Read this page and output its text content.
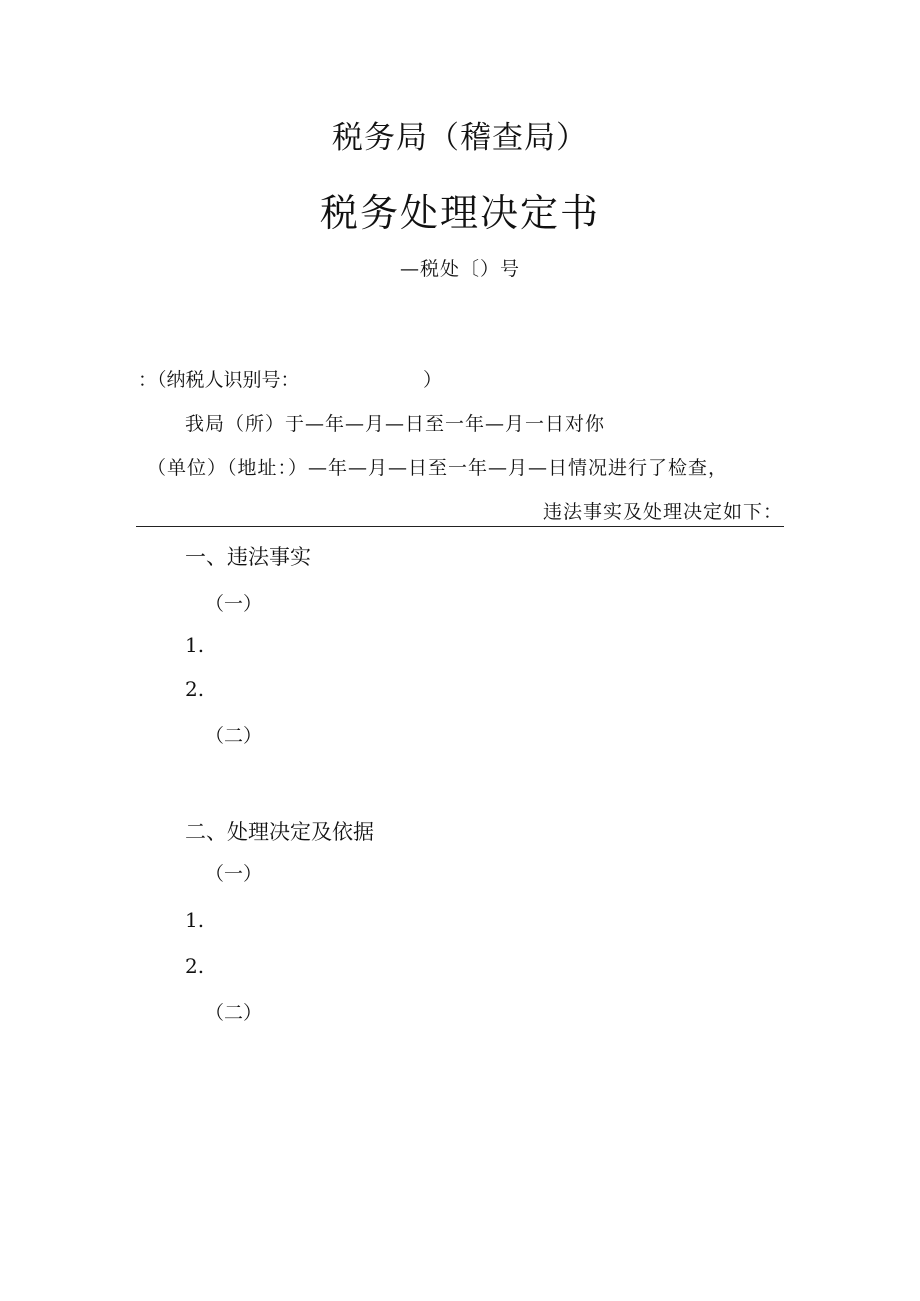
税务局（稽查局）
税务处理决定书
—税处〔）号
：（纳税人识别号：　　　　　　　）
我局（所）于—年—月—日至一年—月一日对你
（单位）（地址：）—年—月—日至一年—月—日情况进行了检查，
违法事实及处理决定如下：
一、违法事实
（一）
1.
2.
（二）
二、处理决定及依据
（一）
1.
2.
（二）
